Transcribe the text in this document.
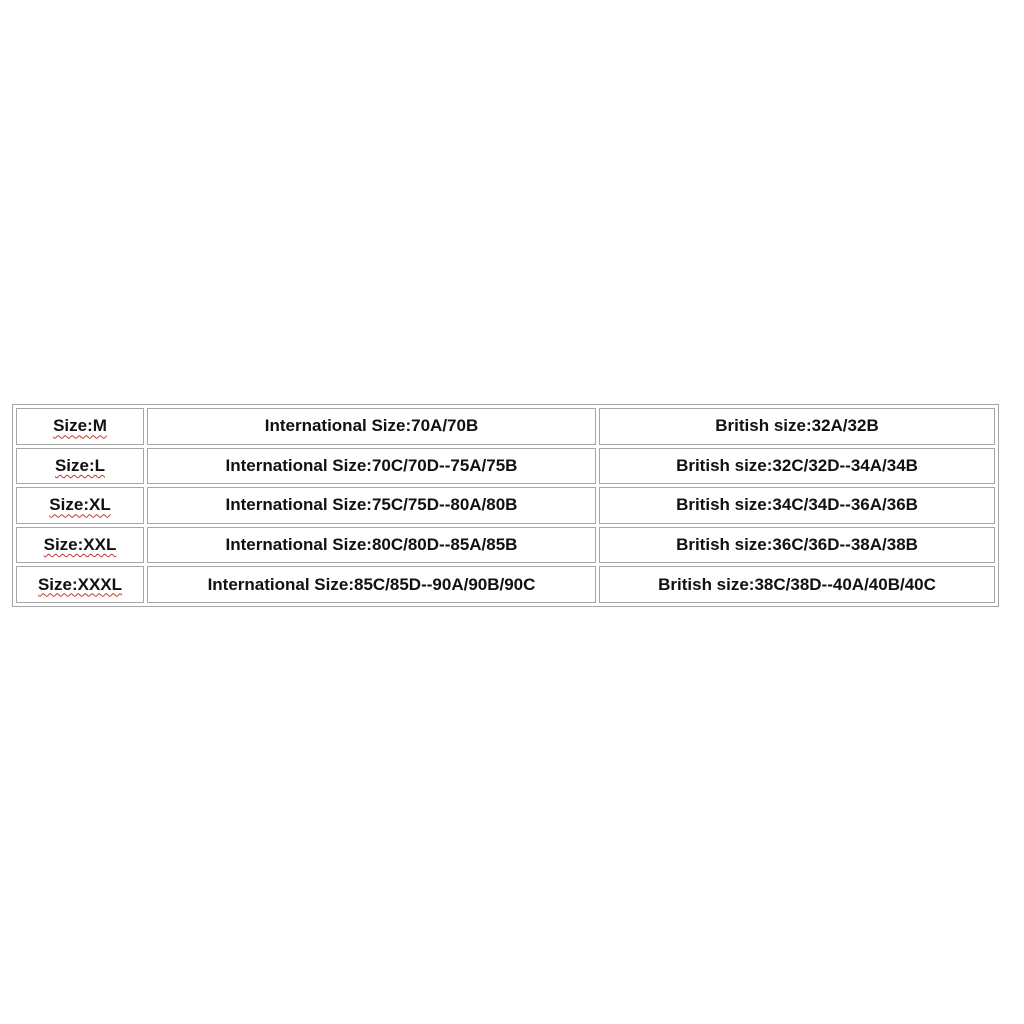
Size:M	International Size:70A/70B	British size:32A/32B
Size:L	International Size:70C/70D--75A/75B	British size:32C/32D--34A/34B
Size:XL	International Size:75C/75D--80A/80B	British size:34C/34D--36A/36B
Size:XXL	International Size:80C/80D--85A/85B	British size:36C/36D--38A/38B
Size:XXXL	International Size:85C/85D--90A/90B/90C	British size:38C/38D--40A/40B/40C
